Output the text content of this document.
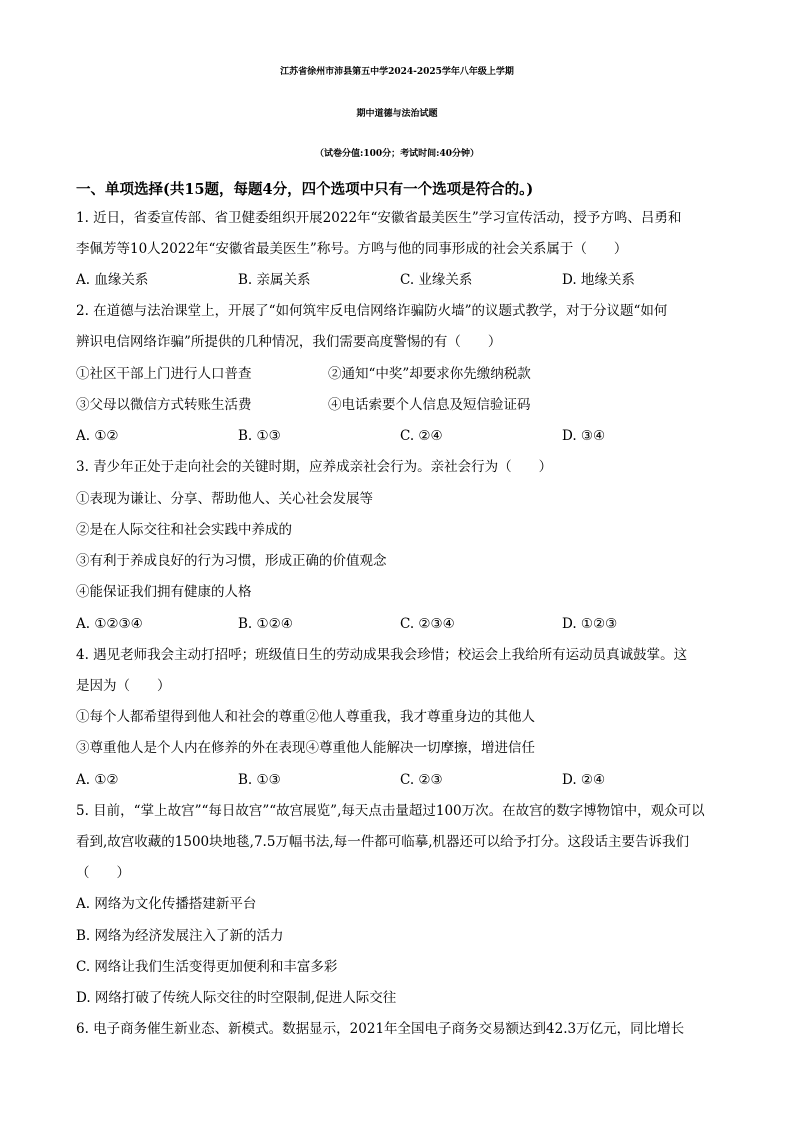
江苏省徐州市沛县第五中学2024-2025学年八年级上学期
期中道德与法治试题
（试卷分值:100分；考试时间:40分钟）
一、单项选择(共15题，每题4分，四个选项中只有一个选项是符合的。)
1. 近日，省委宣传部、省卫健委组织开展2022年“安徽省最美医生”学习宣传活动，授予方鸣、吕勇和
李佩芳等10人2022年“安徽省最美医生”称号。方鸣与他的同事形成的社会关系属于（　　）
A. 血缘关系	B. 亲属关系	C. 业缘关系	D. 地缘关系
2. 在道德与法治课堂上，开展了“如何筑牢反电信网络诈骗防火墙”的议题式教学，对于分议题“如何
辨识电信网络诈骗”所提供的几种情况，我们需要高度警惕的有（　　）
①社区干部上门进行人口普查	②通知“中奖”却要求你先缴纳税款
③父母以微信方式转账生活费	④电话索要个人信息及短信验证码
A. ①②	B. ①③	C. ②④	D. ③④
3. 青少年正处于走向社会的关键时期，应养成亲社会行为。亲社会行为（　　）
①表现为谦让、分享、帮助他人、关心社会发展等
②是在人际交往和社会实践中养成的
③有利于养成良好的行为习惯，形成正确的价值观念
④能保证我们拥有健康的人格
A. ①②③④	B. ①②④	C. ②③④	D. ①②③
4. 遇见老师我会主动打招呼；班级值日生的劳动成果我会珍惜；校运会上我给所有运动员真诚鼓掌。这
是因为（　　）
①每个人都希望得到他人和社会的尊重②他人尊重我，我才尊重身边的其他人
③尊重他人是个人内在修养的外在表现④尊重他人能解决一切摩擦，增进信任
A. ①②	B. ①③	C. ②③	D. ②④
5. 目前，“掌上故宫”“每日故宫”“故宫展览”,每天点击量超过100万次。在故宫的数字博物馆中，观众可以
看到,故宫收藏的1500块地毯,7.5万幅书法,每一件都可临摹,机器还可以给予打分。这段话主要告诉我们
（　　）
A. 网络为文化传播搭建新平台
B. 网络为经济发展注入了新的活力
C. 网络让我们生活变得更加便利和丰富多彩
D. 网络打破了传统人际交往的时空限制,促进人际交往
6. 电子商务催生新业态、新模式。数据显示，2021年全国电子商务交易额达到42.3万亿元，同比增长
